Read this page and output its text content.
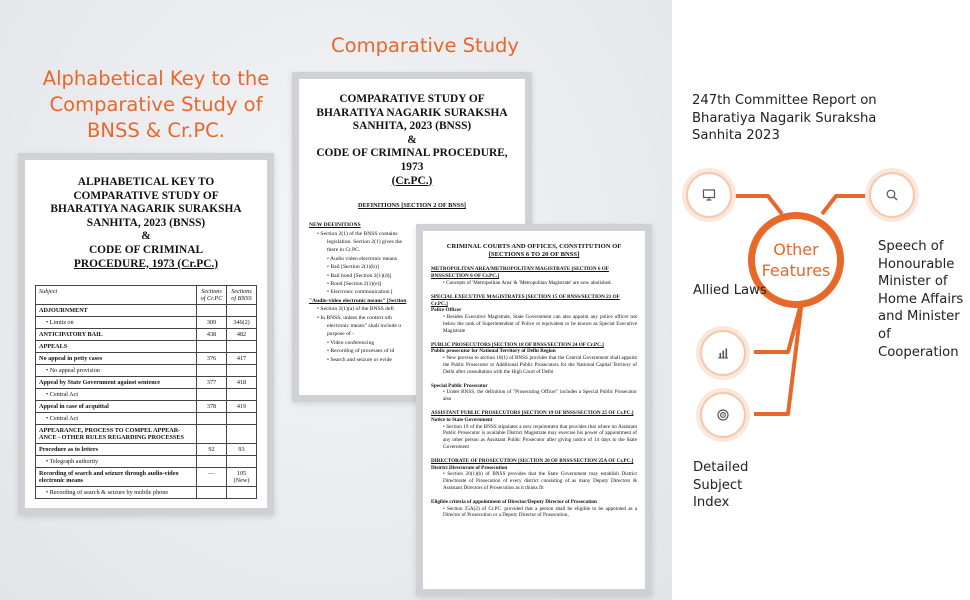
Alphabetical Key to the Comparative Study of BNSS & Cr.PC.
Comparative Study
ALPHABETICAL KEY TO
COMPARATIVE STUDY OF
BHARATIYA NAGARIK SURAKSHA
SANHITA, 2023 (BNSS)
&
CODE OF CRIMINAL
PROCEDURE, 1973 (Cr.PC.)
Subject	Sections of Cr.PC	Sections of BNSS
ADJOURNMENT		
• Limits on	309	346(2)
ANTICIPATORY BAIL	438	482
APPEALS		
No appeal in petty cases	376	417
• No appeal provision		
Appeal by State Government against sentence	377	418
• Central Act		
Appeal in case of acquittal	378	419
• Central Act		
APPEARANCE, PROCESS TO COMPEL APPEAR-ANCE - OTHER RULES REGARDING PROCESSES		
Procedure as to letters	92	93
• Telegraph authority		
Recording of search and seizure through audio-video electronic means	—	105 (New)
• Recording of search & seizure by mobile phone		
COMPARATIVE STUDY OF
BHARATIYA NAGARIK SURAKSHA
SANHITA, 2023 (BNSS)
&
CODE OF CRIMINAL PROCEDURE, 1973
(Cr.PC.)
DEFINITIONS [SECTION 2 OF BNSS]
NEW DEFINITIONS
• Section 2(1) of the BNSS contains
legislation. Section 2(1) gives the
there in Cr.PC.
• Audio video electronic means
• Bail [Section 2(1)(b)]
• Bail bond [Section 2(1)(d)]
• Bond [Section 2(1)(e)]
• Electronic communication [
"Audio-video electronic means" [Section
• Section 2(1)(a) of the BNSS defi
• In BNSS, unless the context oth
electronic means" shall include u
purpose of -
• Video conferencing
• Recording of processes of id
• Search and seizure or evide
CRIMINAL COURTS AND OFFICES, CONSTITUTION OF
[SECTIONS 6 TO 20 OF BNSS]
METROPOLITAN AREA/METROPOLITAN MAGISTRATE [SECTION 6 OF BNSS/SECTION 6 OF Cr.PC.]
• Concepts of 'Metropolitan Area' & 'Metropolitan Magistrate' are now abolished.
SPECIAL EXECUTIVE MAGISTRATES [SECTION 15 OF BNSS/SECTION 21 OF Cr.PC.]
Police Officer
• Besides Executive Magistrate, State Government can also appoint any police officer not below the rank of Superintendent of Police or equivalent to be known as Special Executive Magistrate
PUBLIC PROSECUTORS [SECTION 18 OF BNSS/SECTION 24 OF Cr.PC.]
Public prosecutor for National Territory of Delhi Region
• New proviso to section 18(1) of BNSS provides that the Central Government shall appoint the Public Prosecutor or Additional Public Prosecutors for the National Capital Territory of Delhi after consultation with the High Court of Delhi
Special Public Prosecutor
• Under BNSS, the definition of "Prosecuting Officer" includes a Special Public Prosecutor also
ASSISTANT PUBLIC PROSECUTORS [SECTION 19 OF BNSS/SECTION 25 OF Cr.PC.]
Notice to State Government
• Section 19 of the BNSS stipulates a new requirement that provides that where no Assistant Public Prosecutor is available District Magistrate may exercise his power of appointment of any other person as Assistant Public Prosecutor after giving notice of 14 days to the State Government
DIRECTORATE OF PROSECUTION [SECTION 20 OF BNSS/SECTION 25A OF Cr.PC.]
District Directorate of Prosecution
• Section 20(1)(b) of BNSS provides that the State Government may establish District Directorate of Prosecution of every district consisting of as many Deputy Directors & Assistant Directors of Prosecution as it thinks fit
Eligible criteria of appointment of Director/Deputy Director of Prosecution
• Section 25A(2) of Cr.PC. provided that a person shall be eligible to be appointed as a Director of Prosecution or a Deputy Director of Prosecution,
Other
Features
247th Committee Report on Bharatiya Nagarik Suraksha Sanhita 2023
Speech of Honourable Minister of Home Affairs and Minister of Cooperation
Allied Laws
Detailed Subject Index
